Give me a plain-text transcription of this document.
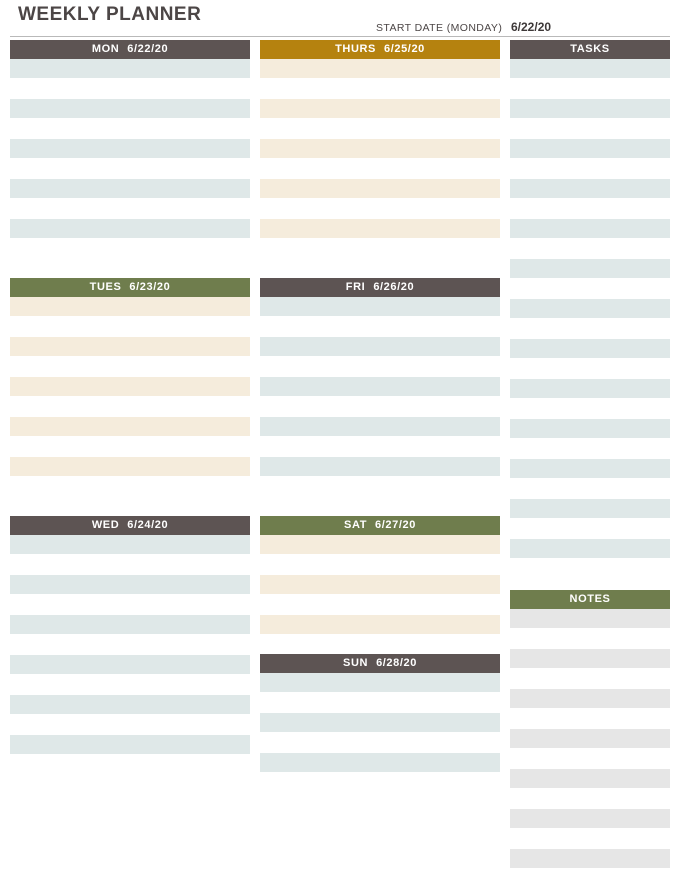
WEEKLY PLANNER
START DATE (MONDAY) 6/22/20
MON 6/22/20
TUES 6/23/20
WED 6/24/20
THURS 6/25/20
FRI 6/26/20
SAT 6/27/20
SUN 6/28/20
TASKS
NOTES
